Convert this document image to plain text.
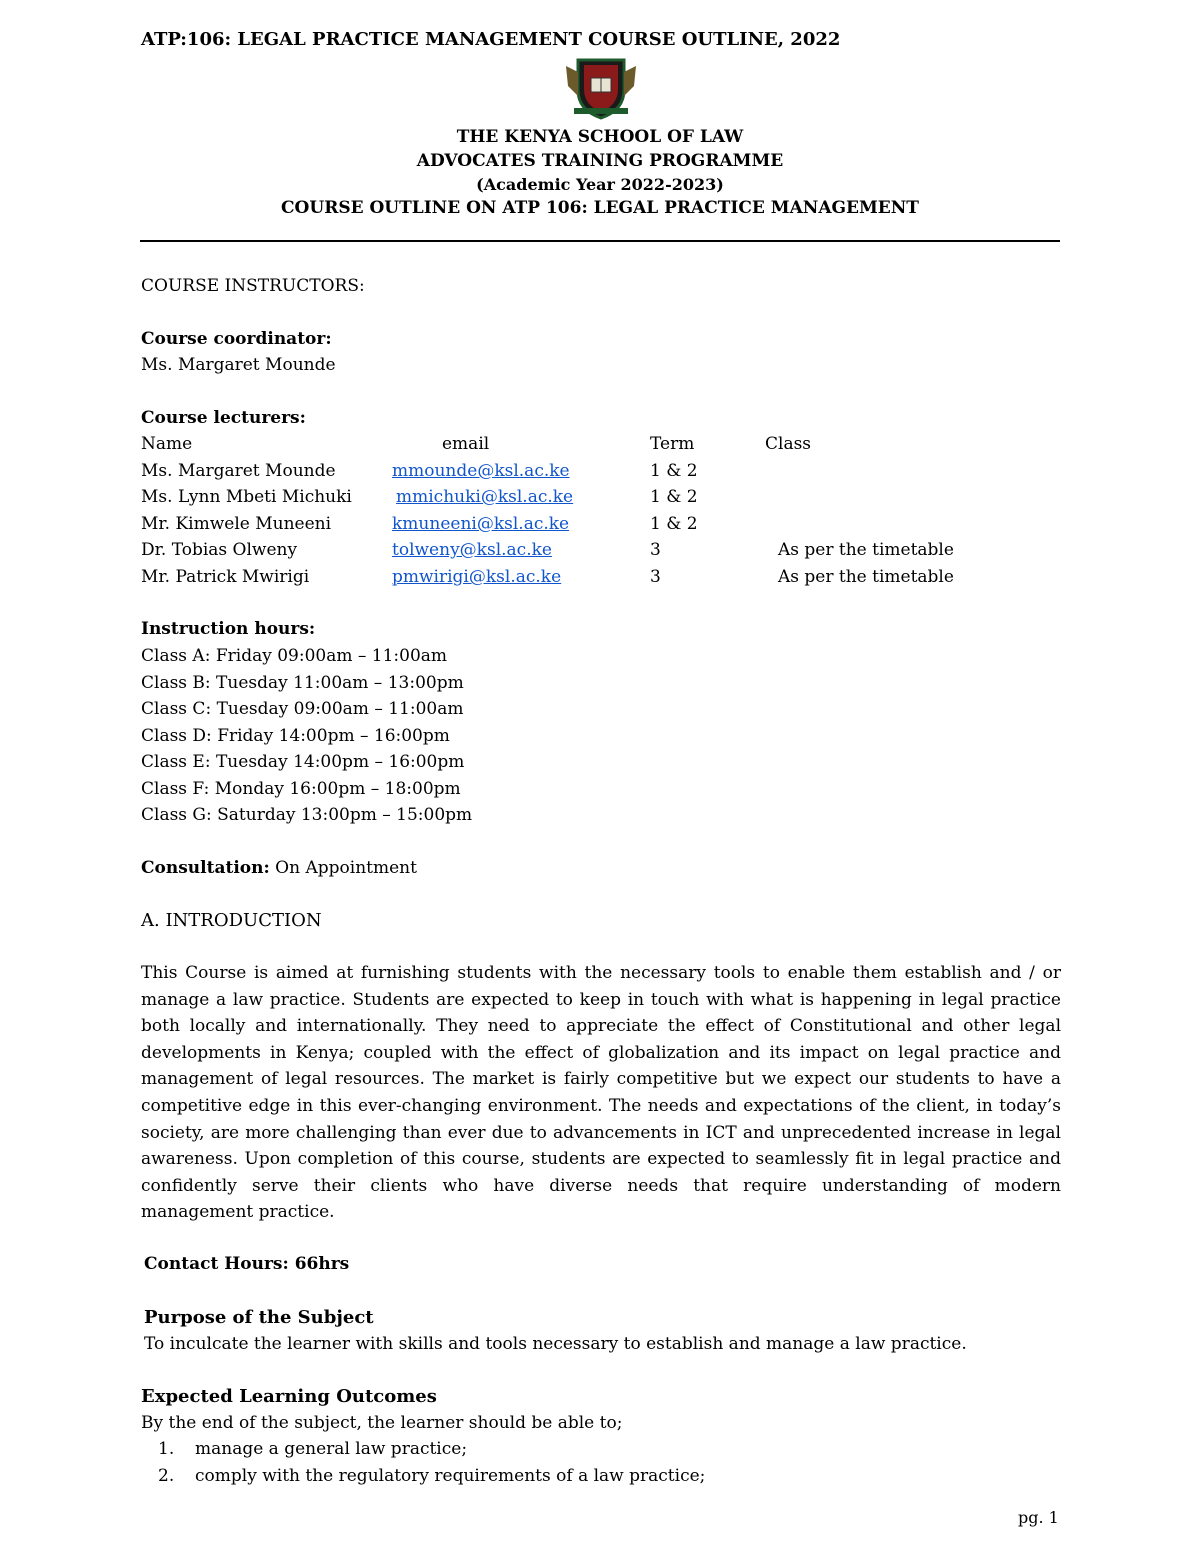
ATP:106: LEGAL PRACTICE MANAGEMENT COURSE OUTLINE, 2022
THE KENYA SCHOOL OF LAW
ADVOCATES TRAINING PROGRAMME
(Academic Year 2022-2023)
COURSE OUTLINE ON ATP 106: LEGAL PRACTICE MANAGEMENT
COURSE INSTRUCTORS:
Course coordinator:
Ms. Margaret Mounde
Course lecturers:
Name	email	Term	Class
Ms. Margaret Mounde	mmounde@ksl.ac.ke	1 & 2
Ms. Lynn Mbeti Michuki	mmichuki@ksl.ac.ke	1 & 2
Mr. Kimwele Muneeni	kmuneeni@ksl.ac.ke	1 & 2
Dr. Tobias Olweny	tolweny@ksl.ac.ke	3	As per the timetable
Mr. Patrick Mwirigi	pmwirigi@ksl.ac.ke	3	As per the timetable
Instruction hours:
Class A: Friday 09:00am – 11:00am
Class B: Tuesday 11:00am – 13:00pm
Class C: Tuesday 09:00am – 11:00am
Class D: Friday 14:00pm – 16:00pm
Class E: Tuesday 14:00pm – 16:00pm
Class F: Monday 16:00pm – 18:00pm
Class G: Saturday 13:00pm – 15:00pm
Consultation: On Appointment
A. INTRODUCTION
This Course is aimed at furnishing students with the necessary tools to enable them establish and / or manage a law practice. Students are expected to keep in touch with what is happening in legal practice both locally and internationally. They need to appreciate the effect of Constitutional and other legal developments in Kenya; coupled with the effect of globalization and its impact on legal practice and management of legal resources. The market is fairly competitive but we expect our students to have a competitive edge in this ever-changing environment. The needs and expectations of the client, in today’s society, are more challenging than ever due to advancements in ICT and unprecedented increase in legal awareness. Upon completion of this course, students are expected to seamlessly fit in legal practice and confidently serve their clients who have diverse needs that require understanding of modern management practice.
Contact Hours: 66hrs
Purpose of the Subject
To inculcate the learner with skills and tools necessary to establish and manage a law practice.
Expected Learning Outcomes
By the end of the subject, the learner should be able to;
1. manage a general law practice;
2. comply with the regulatory requirements of a law practice;
pg. 1
